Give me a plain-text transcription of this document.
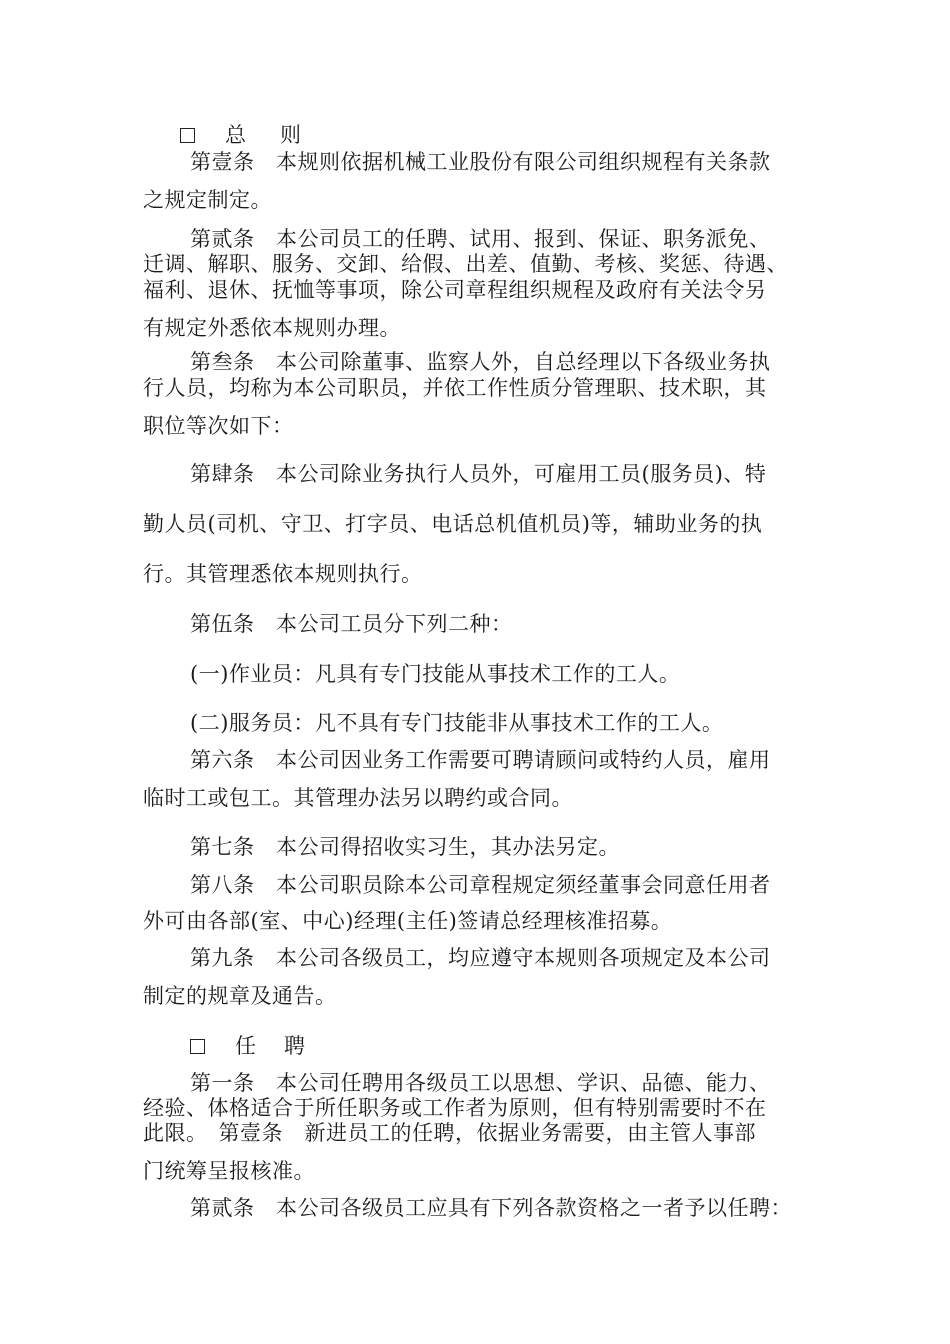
总 则
第壹条　本规则依据机械工业股份有限公司组织规程有关条款
之规定制定。
第贰条　本公司员工的任聘、试用、报到、保证、职务派免、
迁调、解职、服务、交卸、给假、出差、值勤、考核、奖惩、待遇、
福利、退休、抚恤等事项，除公司章程组织规程及政府有关法令另
有规定外悉依本规则办理。
第叁条　本公司除董事、监察人外，自总经理以下各级业务执
行人员，均称为本公司职员，并依工作性质分管理职、技术职，其
职位等次如下：
第肆条　本公司除业务执行人员外，可雇用工员(服务员)、特
勤人员(司机、守卫、打字员、电话总机值机员)等，辅助业务的执
行。其管理悉依本规则执行。
第伍条　本公司工员分下列二种：
(一)作业员：凡具有专门技能从事技术工作的工人。
(二)服务员：凡不具有专门技能非从事技术工作的工人。
第六条　本公司因业务工作需要可聘请顾问或特约人员，雇用
临时工或包工。其管理办法另以聘约或合同。
第七条　本公司得招收实习生，其办法另定。
第八条　本公司职员除本公司章程规定须经董事会同意任用者
外可由各部(室、中心)经理(主任)签请总经理核准招募。
第九条　本公司各级员工，均应遵守本规则各项规定及本公司
制定的规章及通告。
任 聘
第一条　本公司任聘用各级员工以思想、学识、品德、能力、
经验、体格适合于所任职务或工作者为原则，但有特别需要时不在
此限。　第壹条　新进员工的任聘，依据业务需要，由主管人事部
门统筹呈报核准。
第贰条　本公司各级员工应具有下列各款资格之一者予以任聘：
